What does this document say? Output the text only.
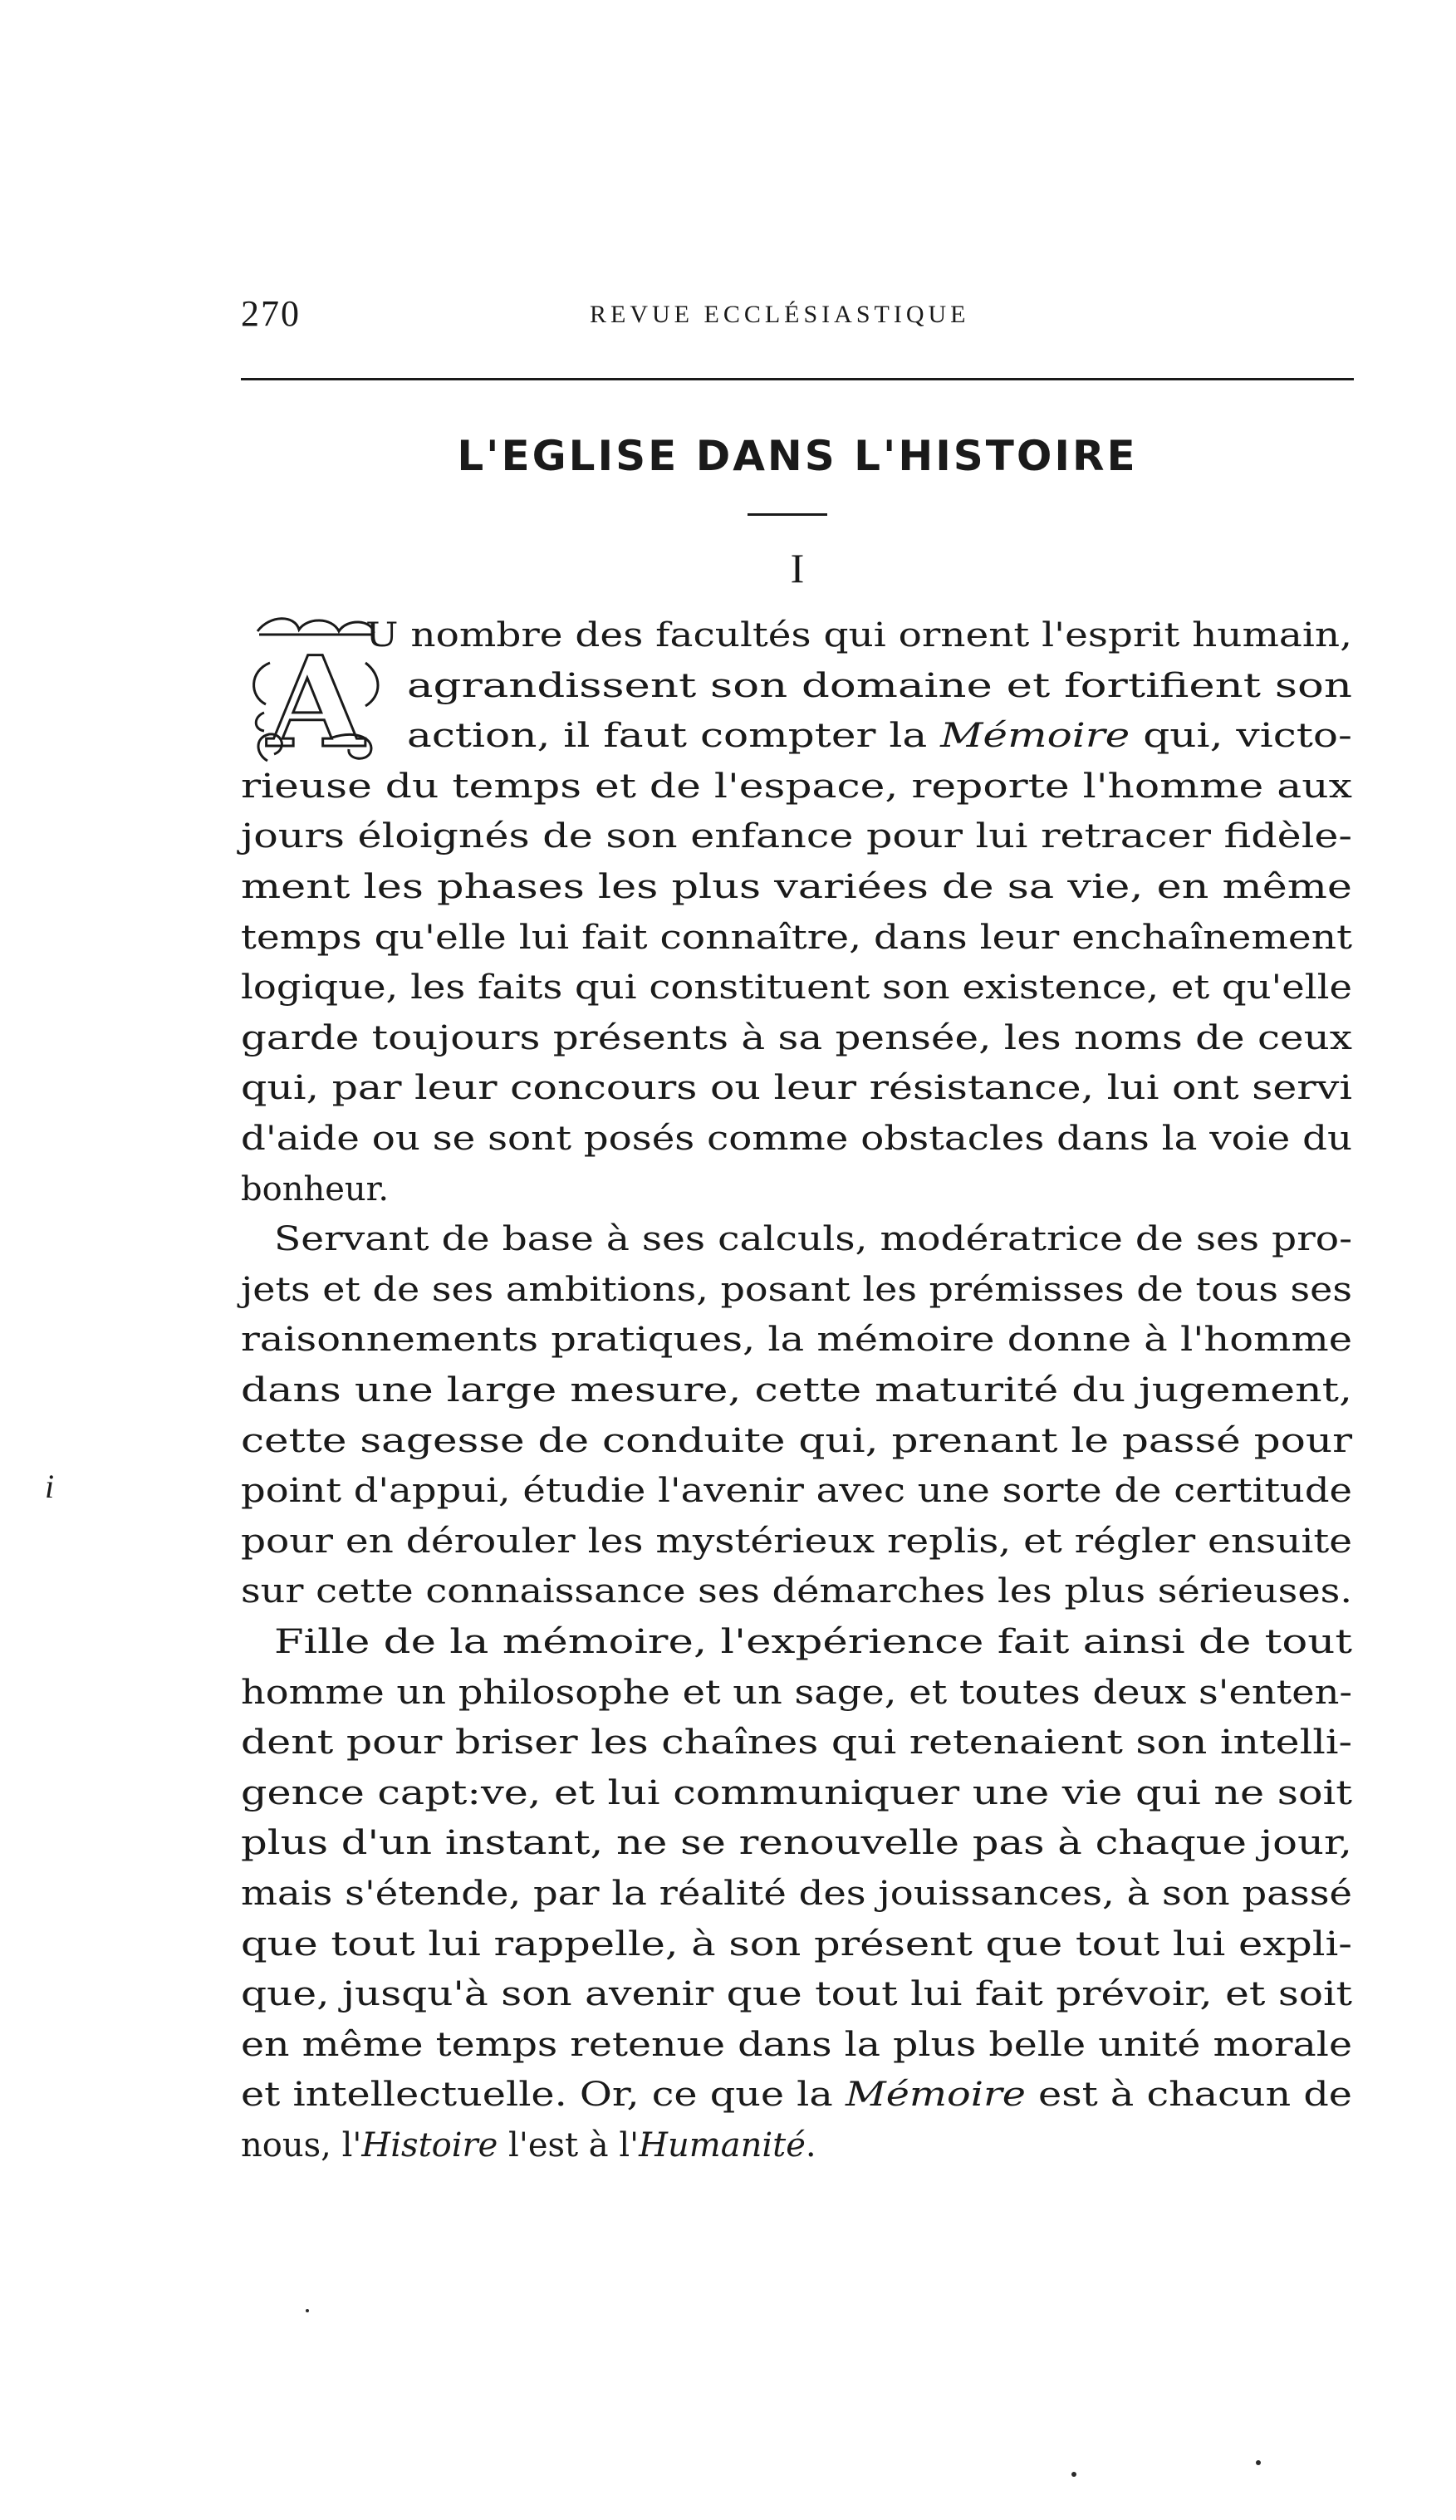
270	REVUE ECCLÉSIASTIQUE
L'EGLISE DANS L'HISTOIRE
I
A U nombre des facultés qui ornent l'esprit humain,
agrandissent son domaine et fortifient son
action, il faut compter la Mémoire qui, victo-
rieuse du temps et de l'espace, reporte l'homme aux
jours éloignés de son enfance pour lui retracer fidèle-
ment les phases les plus variées de sa vie, en même
temps qu'elle lui fait connaître, dans leur enchaînement
logique, les faits qui constituent son existence, et qu'elle
garde toujours présents à sa pensée, les noms de ceux
qui, par leur concours ou leur résistance, lui ont servi
d'aide ou se sont posés comme obstacles dans la voie du
bonheur.
Servant de base à ses calculs, modératrice de ses pro-
jets et de ses ambitions, posant les prémisses de tous ses
raisonnements pratiques, la mémoire donne à l'homme
dans une large mesure, cette maturité du jugement,
cette sagesse de conduite qui, prenant le passé pour
point d'appui, étudie l'avenir avec une sorte de certitude
pour en dérouler les mystérieux replis, et régler ensuite
sur cette connaissance ses démarches les plus sérieuses.
Fille de la mémoire, l'expérience fait ainsi de tout
homme un philosophe et un sage, et toutes deux s'enten-
dent pour briser les chaînes qui retenaient son intelli-
gence capt:ve, et lui communiquer une vie qui ne soit
plus d'un instant, ne se renouvelle pas à chaque jour,
mais s'étende, par la réalité des jouissances, à son passé
que tout lui rappelle, à son présent que tout lui expli-
que, jusqu'à son avenir que tout lui fait prévoir, et soit
en même temps retenue dans la plus belle unité morale
et intellectuelle. Or, ce que la Mémoire est à chacun de
nous, l'Histoire l'est à l'Humanité.
i
